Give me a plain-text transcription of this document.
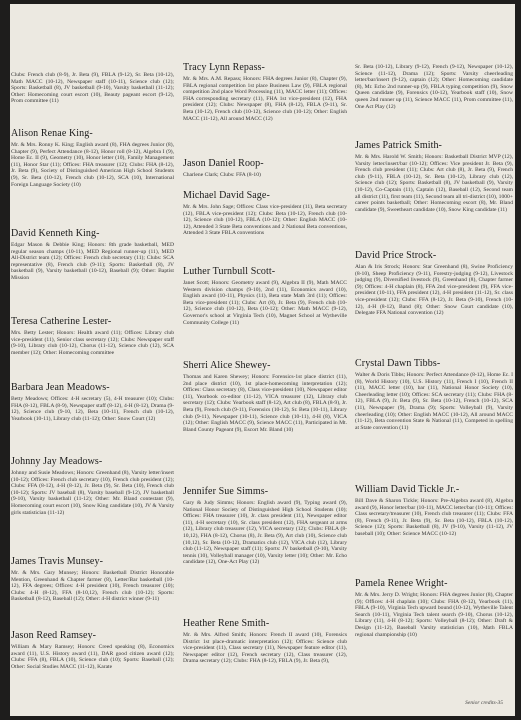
Clubs: French club (8-9), Jr. Beta (9), FBLA (9-12), Sr. Beta (10-12), Math MACC (10-12), Newspaper staff (10-11), Science club (12); Sports: Basketball (8), JV basketball (9-10), Varsity basketball (11-12); Other: Homecoming court escort (10), Beauty pageant escort (9-12), Prom committee (11)
Alison Renae King-
Mr. & Mrs. Ronny K. King; English award (8), FHA degrees Junior (8), Chapter (9), Perfect Attendance (8-12), Honor roll (8-12), Algebra I (9), Home Ec. II (9), Geometry (10), Honor letter (10), Family Management (11), Honor Star (11); Offices: FHA treasurer (12); Clubs: FHA (8-12), Jr. Beta (9), Society of Distinguished American High School Students (9), Sr. Beta (10-12), French club (10-12), SCA (10), International Foreign Language Society (10)
David Kenneth King-
Edgar Mason & Debbie King; Honors: 8th grade basketball, MED regular season champs (10-11), MED Regional runner-up (11), MED All-District team (12); Offices: French club secretary (11); Clubs: SCA representative (8), French club (9-11); Sports: Basketball (8), JV basketball (9), Varsity basketball (10-12), Baseball (9); Other: Baptist Mission
Teresa Catherine Lester-
Mrs. Betty Lester; Honors: Health award (11); Offices: Library club vice-president (11), Senior class secretary (12); Clubs: Newspaper staff (9-10), Library club (10-12), Chorus (11-12), Science club (12), SCA member (12); Other: Homecoming committee
Barbara Jean Meadows-
Betty Meadows; Offices: 4-H secretary (5), 4-H treasurer (10); Clubs: FHA (8-12), FBLA (8-9), Newspaper staff (8-12), 4-H (8-12), Drama (9-12), Science club (9-10, 12), Beta (10-11), French club (10-12), Yearbook (10-11), Library club (11-12); Other: Snow Court (12)
Johnny Jay Meadows-
Johnny and Susie Meadows; Honors: Greenhand (8), Varsity letter/insert (10-12); Offices: French club secretary (10), French club president (12); Clubs: FFA (8-12), 4-H (8-12), Jr. Beta (9), Sr. Beta (10), French club (10-12); Sports: JV baseball (8), Varsity baseball (9-12), JV basketball (9-10), Varsity basketball (11-12); Other: Mr. Bland contestant (9), Homecoming court escort (10), Snow King candidate (10), JV & Varsity girls statistician (11-12)
James Travis Munsey-
Mr. & Mrs. Gary Munsey; Honors: Basketball District Honorable Mention, Greenhand & Chapter farmer (8), Letter/Bar basketball (10-12), FFA degrees; Offices: 4-H president (10), French treasurer (10); Clubs: 4-H (8-12), FFA (8-10,12), French club (10-12); Sports: Basketball (8-12), Baseball (12); Other: 4-H district winner (9-11)
Jason Reed Ramsey-
William & Mary Ramsey; Honors: Creed speaking (8), Economics award (11), U.S. History award (11), DAR good citizen award (12); Clubs: FFA (8), FBLA (10), Science club (10); Sports: Baseball (12); Other: Social Studies MACC (11-12), Karate
Tracy Lynn Repass-
Mr. & Mrs. A.M. Repass; Honors: FHA degrees Junior (8), Chapter (9), FBLA regional competition 1st place Business Law (9), FBLA regional competition 2nd place Word Processing (11), MACC letter (11); Offices: FHA corresponding secretary (11), FHA 1st vice-president (12), FHA president (12); Clubs: Newspaper (8), FHA (8-12), FBLA (9-11), Sr. Beta (10-12), French club (10-12), Science club (10-12); Other: English MACC (11-12), All around MACC (12)
Jason Daniel Roop-
Charlene Clark; Clubs: FFA (8-10)
Michael David Sage-
Mr. & Mrs. John Sage; Offices: Class vice-president (11), Beta secretary (12), FBLA vice-president (12); Clubs: Beta (10-12), French club (10-12), Science club (10-12), FBLA (10-12); Other: English MACC (10-12), Attended 3 State Beta conventions and 2 National Beta conventions, Attended 3 State FBLA conventions
Luther Turnbull Scott-
Janet Scott; Honors: Geometry award (9), Algebra II (9), Math MACC Western division champs (9-10), 2nd (11), Economics award (10), English award (10-11), Physics (11), Beta state Math 3rd (11); Offices: Beta vice-president (11); Clubs: Art (8), Jr. Beta (9), French club (10-12), Science club (10-12), Beta (10-12); Other: Math MACC (9-12), Governor's school at Virginia Tech (10), Magnet School at Wytheville Community College (11)
Sherri Alice Shewey-
Thomas and Karen Shewey; Honors: Forensics-1st place district (11), 2nd place district (10), 1st place-homecoming interpretation (12); Offices: Class secretary (8), Class vice-president (10), Newspaper editor (11), Yearbook co-editor (11-12), VICA treasurer (12), Library club secretary (12); Clubs: Yearbook staff (8-12), Art club (8), FBLA (8-9), Jr. Beta (9), French club (9-11), Forensics (10-12), Sr. Beta (10-11), Library club (9-11), Newspaper (10-11), Science club (10-11), 4-H (8), VICA (12); Other: English MACC (9), Science MACC (11), Participated in Mt. Bland County Pageant (9), Escort Mr. Bland (10)
Jennifer Sue Simms-
Gary & Judy Simms; Honors: English award (9), Typing award (9), National Honor Society of Distinguished High School Students (10); Offices: FHA treasurer (10), Jr. class president (11), Newspaper editor (11), 4-H secretary (10), Sr. class president (12), FHA sergeant at arms (12), Library club treasurer (12), VICA secretary (12); Clubs: FBLA (8-10,12), FHA (8-12), Chorus (8), Jr. Beta (9), Art club (10), Science club (10,12), Sr. Beta (10-12), Dramatics club (12), VICA club (12), Library club (11-12), Newspaper staff (11); Sports: JV basketball (9-10), Varsity tennis (10), Volleyball manager (10), Varsity letter (10); Other: Mr. Echo candidate (12), One-Act Play (12)
Heather Rene Smith-
Mr. & Mrs. Alfred Smith; Honors: French II award (10), Forensics District 1st place-dramatic interpretation (12); Offices: Science club vice-president (11), Class secretary (11), Newspaper feature editor (11), Newspaper editor (12), French secretary (12), Class treasurer (12), Drama secretary (12); Clubs: FHA (8-12), FBLA (9), Jr. Beta (9),
Sr. Beta (10-12), Library (9-12), French (9-12), Newspaper (10-12), Science (11-12), Drama (12); Sports: Varsity cheerleading letter/bar/insert (9-12), captain (12); Other: Homecoming candidate (8), Mr. Echo 2nd runner-up (9), FBLA typing competition (9), Snow Queen candidate (9), Forensics (10-12), Yearbook staff (10), Snow queen 2nd runner up (11), Science MACC (11), Prom committee (11), One Act Play (12)
James Patrick Smith-
Mr. & Mrs. Harold W. Smith; Honors: Basketball District MVP (12), Varsity letter/insert/bar (10-12); Offices: Vice president Jr. Beta (9), French club president (11); Clubs: Art club (8), Jr. Beta (9), French club (9-11), FBLA (10-12), Sr. Beta (10-12), Library club (12), Science club (12); Sports: Basketball (8), JV basketball (9), Varsity (10-12), Co-Captain (11), Captain (12), Baseball (12), Second team all district (11), first team (11), Second team all tri-district (10), 1000+ career points basketball; Other: Homecoming escort (8), Mr. Bland candidate (9), Sweetheart candidate (10), Snow King candidate (11)
David Price Strock-
Alan & Iris Strock; Honors: Star Greenhand (8), Swine Proficiency (8-10), Sheep Proficiency (9-11), Forestry-judging (9-12), Livestock judging (9), Diversified livestock (9), Greenhand (8), Chapter farmer (9); Offices: 4-H chaplain (8), FFA 2nd vice-president (9), FFA vice-president (10-11), FFA president (12), 4-H president (11-12), Sr. class vice-president (12); Clubs: FFA (8-12), Jr. Beta (9-10), French (10-12), 4-H (8-12), Band (8); Other: Snow Court candidate (10), Delegate FFA National convention (12)
Crystal Dawn Tibbs-
Walter & Doris Tibbs; Honors: Perfect Attendance (8-12), Home Ec. I (8), World History (10), U.S. History (11), French I (10), French II (11), MACC letter (10), bar (11), National Honor Society (10), Cheerleading letter (10); Offices: SCA secretary (11); Clubs: FHA (8-12), FBLA (9), Jr. Beta (9), Sr. Beta (10-12), French (10-12), SCA (11), Newspaper (9), Drama (9); Sports: Volleyball (9), Varsity cheerleading (10); Other: English MACC (10-12), All around MACC (11-12), Beta convention State & National (11), Competed in spelling at State convention (11)
William David Tickle Jr.-
Bill Dave & Sharon Tickle; Honors: Pre-Algebra award (8), Algebra award (9), Honor letter/bar (10-11), MACC letter/bar (10-11); Offices: Class secretary/treasurer (10), French club treasurer (11); Clubs: FFA (8), French (9-11), Jr. Beta (9), Sr. Beta (10-12), FBLA (10-12), Science (12); Sports: Basketball (8), JV (9-10), Varsity (11-12), JV baseball (10); Other: Science MACC (10-12)
Pamela Renee Wright-
Mr. & Mrs. Jerry D. Wright; Honors: FHA degrees Junior (8), Chapter (9); Offices: 4-H chaplain (10); Clubs: FHA (8-12), Yearbook (11), FBLA (9-10), Virginia Tech upward bound (10-12), Wytheville Talent Search (10-11), Virginia Tech talent search (9-10), Chorus (10-12), Library (11), 4-H (8-12); Sports: Volleyball (8-12); Other: Draft & Design (11-12), Baseball Varsity statistician (10), Math FBLA regional championship (10)
Senior credits-35
